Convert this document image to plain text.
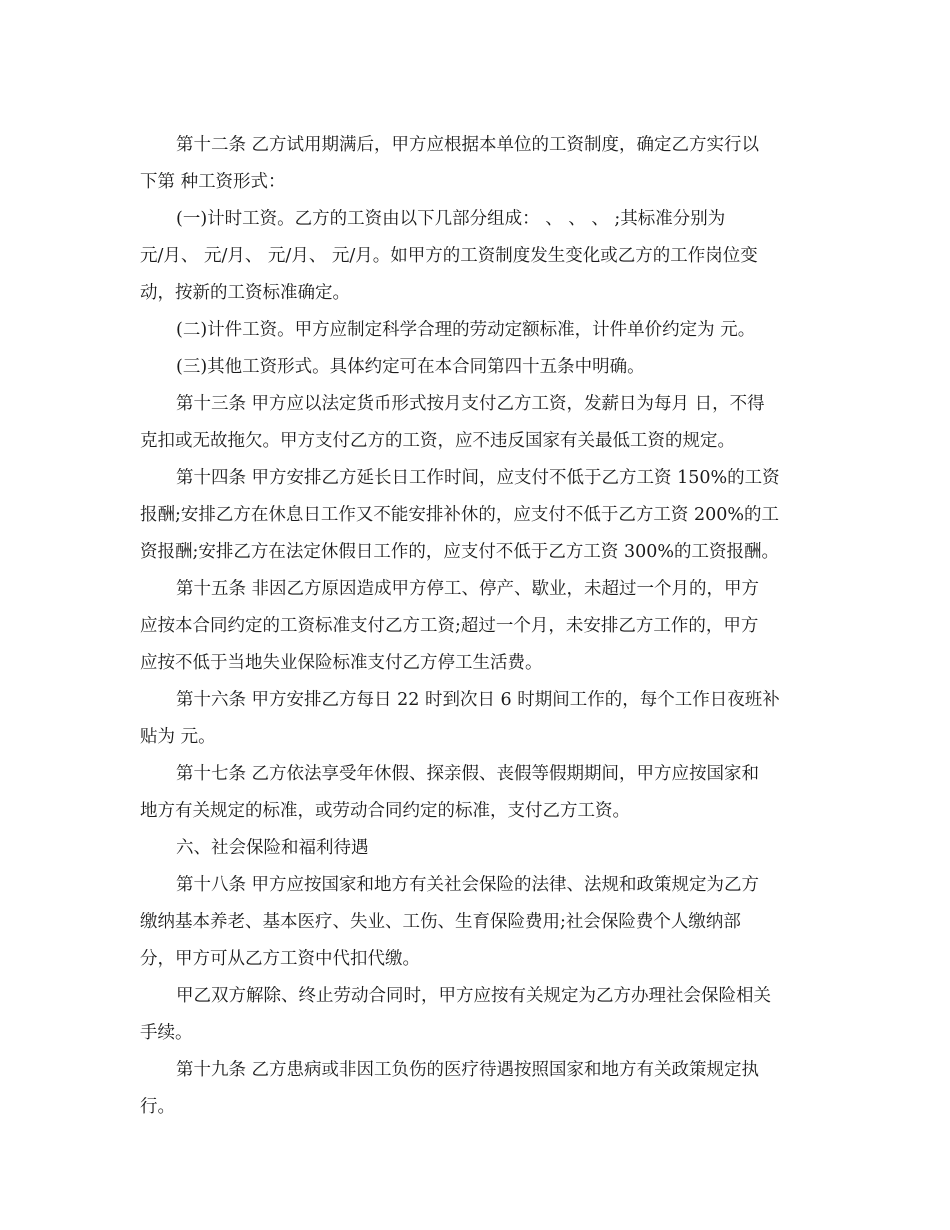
第十二条 乙方试用期满后，甲方应根据本单位的工资制度，确定乙方实行以
下第 种工资形式：
(一)计时工资。乙方的工资由以下几部分组成： 、 、 、 ;其标准分别为
元/月、 元/月、 元/月、 元/月。如甲方的工资制度发生变化或乙方的工作岗位变
动，按新的工资标准确定。
(二)计件工资。甲方应制定科学合理的劳动定额标准，计件单价约定为 元。
(三)其他工资形式。具体约定可在本合同第四十五条中明确。
第十三条 甲方应以法定货币形式按月支付乙方工资，发薪日为每月 日，不得
克扣或无故拖欠。甲方支付乙方的工资，应不违反国家有关最低工资的规定。
第十四条 甲方安排乙方延长日工作时间，应支付不低于乙方工资 150%的工资
报酬;安排乙方在休息日工作又不能安排补休的，应支付不低于乙方工资 200%的工
资报酬;安排乙方在法定休假日工作的，应支付不低于乙方工资 300%的工资报酬。
第十五条 非因乙方原因造成甲方停工、停产、歇业，未超过一个月的，甲方
应按本合同约定的工资标准支付乙方工资;超过一个月，未安排乙方工作的，甲方
应按不低于当地失业保险标准支付乙方停工生活费。
第十六条 甲方安排乙方每日 22 时到次日 6 时期间工作的，每个工作日夜班补
贴为 元。
第十七条 乙方依法享受年休假、探亲假、丧假等假期期间，甲方应按国家和
地方有关规定的标准，或劳动合同约定的标准，支付乙方工资。
六、社会保险和福利待遇
第十八条 甲方应按国家和地方有关社会保险的法律、法规和政策规定为乙方
缴纳基本养老、基本医疗、失业、工伤、生育保险费用;社会保险费个人缴纳部
分，甲方可从乙方工资中代扣代缴。
甲乙双方解除、终止劳动合同时，甲方应按有关规定为乙方办理社会保险相关
手续。
第十九条 乙方患病或非因工负伤的医疗待遇按照国家和地方有关政策规定执
行。
